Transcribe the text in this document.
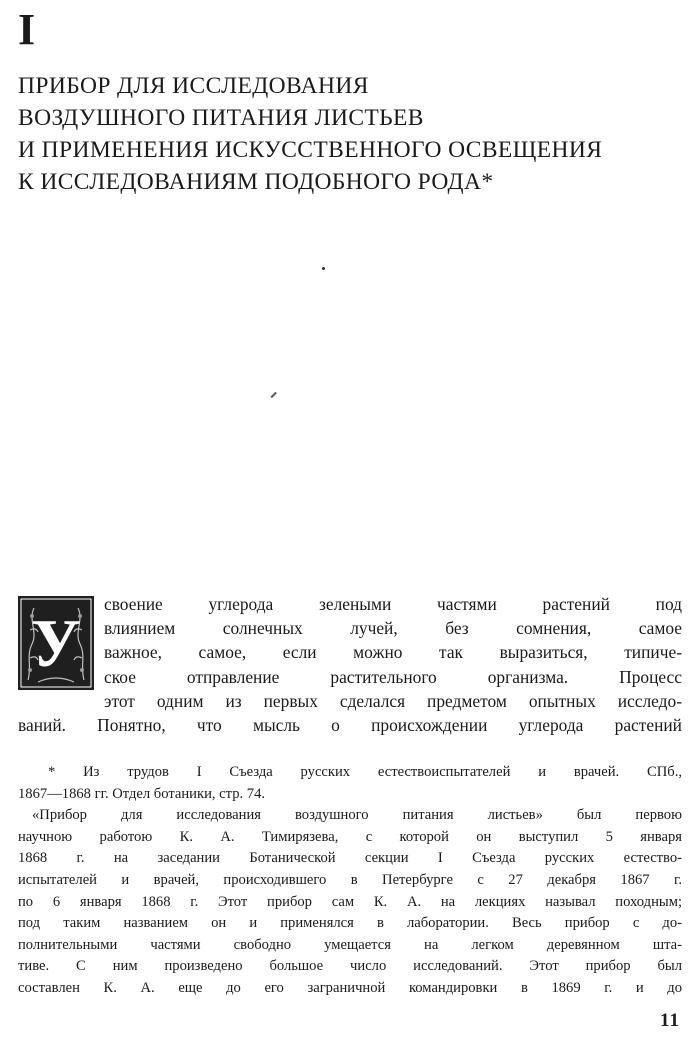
I
ПРИБОР ДЛЯ ИССЛЕДОВАНИЯ
ВОЗДУШНОГО ПИТАНИЯ ЛИСТЬЕВ
И ПРИМЕНЕНИЯ ИСКУССТВЕННОГО ОСВЕЩЕНИЯ
К ИССЛЕДОВАНИЯМ ПОДОБНОГО РОДА*
У
своение углерода зелеными частями растений под
влиянием солнечных лучей, без сомнения, самое
важное, самое, если можно так выразиться, типиче-
ское отправление растительного организма. Процесс
этот одним из первых сделался предметом опытных исследо-
ваний. Понятно, что мысль о происхождении углерода растений
* Из трудов I Съезда русских естествоиспытателей и врачей. СПб.,
1867—1868 гг. Отдел ботаники, стр. 74.
«Прибор для исследования воздушного питания листьев» был первою
научною работою К. А. Тимирязева, с которой он выступил 5 января
1868 г. на заседании Ботанической секции I Съезда русских естество-
испытателей и врачей, происходившего в Петербурге с 27 декабря 1867 г.
по 6 января 1868 г. Этот прибор сам К. А. на лекциях называл походным;
под таким названием он и применялся в лаборатории. Весь прибор с до-
полнительными частями свободно умещается на легком деревянном шта-
тиве. С ним произведено большое число исследований. Этот прибор был
составлен К. А. еще до его заграничной командировки в 1869 г. и до
11
